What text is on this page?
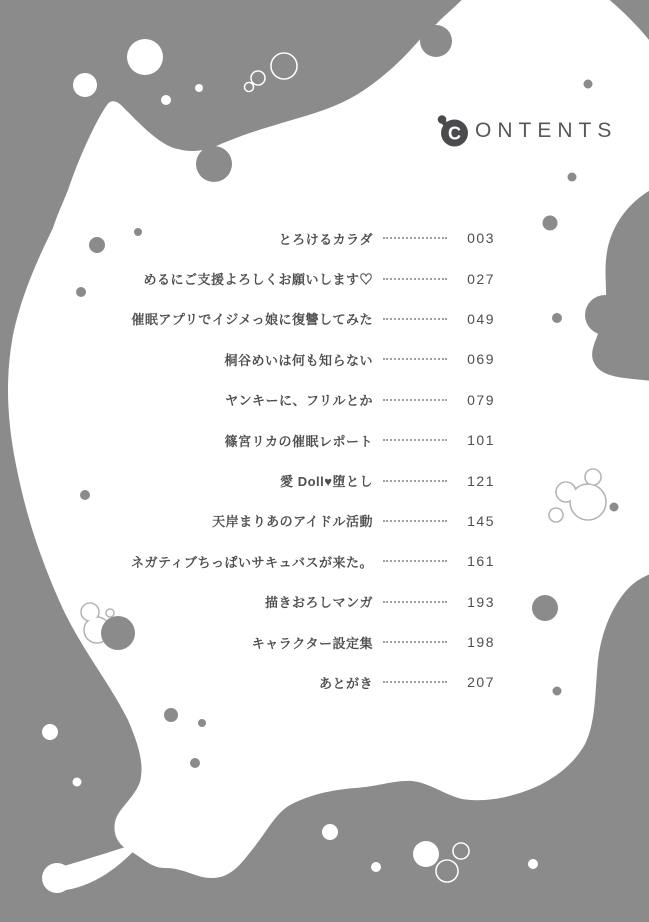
C ONTENTS
とろけるカラダ	003
めるにご支援よろしくお願いします♡	027
催眠アプリでイジメっ娘に復讐してみた	049
桐谷めいは何も知らない	069
ヤンキーに、フリルとか	079
篠宮リカの催眠レポート	101
愛 Doll♥堕とし	121
天岸まりあのアイドル活動	145
ネガティブちっぱいサキュバスが来た。	161
描きおろしマンガ	193
キャラクター設定集	198
あとがき	207
